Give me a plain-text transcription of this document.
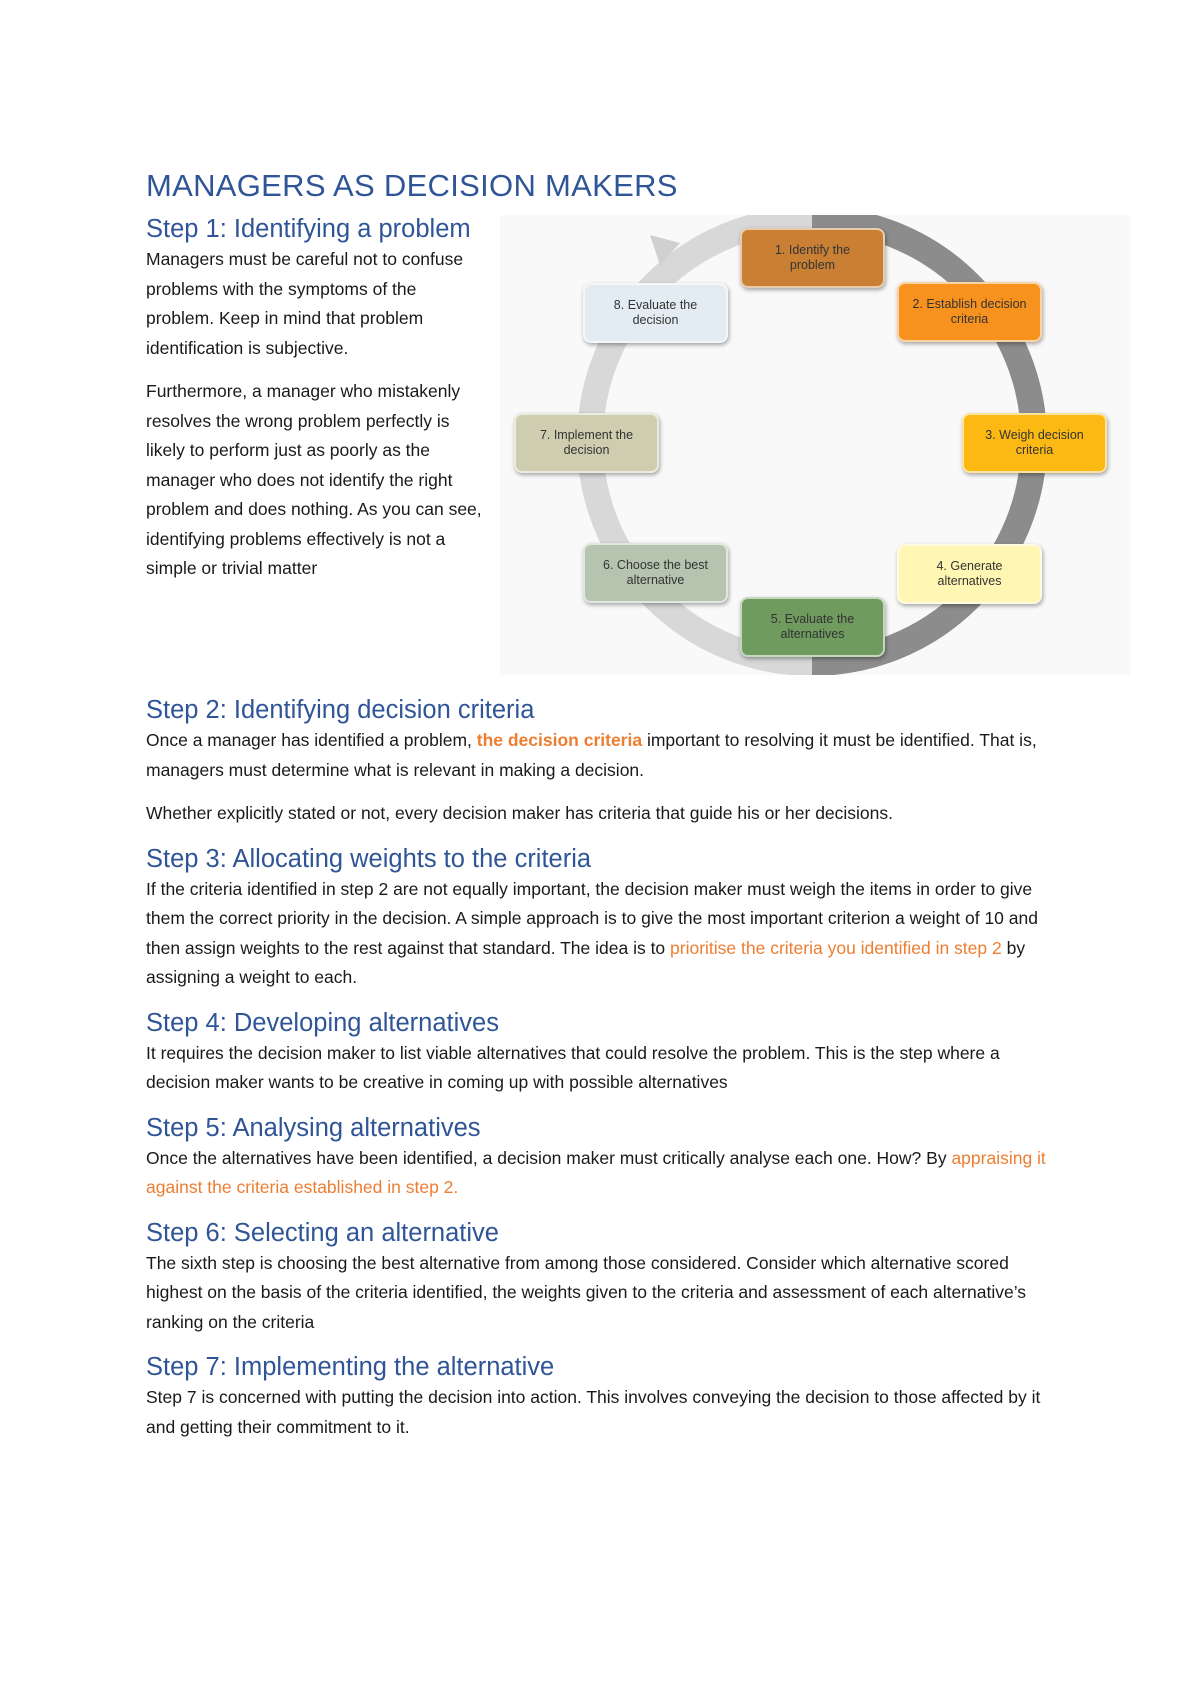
MANAGERS AS DECISION MAKERS

Step 1: Identifying a problem

Managers must be careful not to confuse problems with the symptoms of the problem. Keep in mind that problem identification is subjective.

Furthermore, a manager who mistakenly resolves the wrong problem perfectly is likely to perform just as poorly as the manager who does not identify the right problem and does nothing. As you can see, identifying problems effectively is not a simple or trivial matter

1. Identify the problem
2. Establish decision criteria
3. Weigh decision criteria
4. Generate alternatives
5. Evaluate the alternatives
6. Choose the best alternative
7. Implement the decision
8. Evaluate the decision

Step 2: Identifying decision criteria

Once a manager has identified a problem, the decision criteria important to resolving it must be identified. That is, managers must determine what is relevant in making a decision.

Whether explicitly stated or not, every decision maker has criteria that guide his or her decisions.

Step 3: Allocating weights to the criteria

If the criteria identified in step 2 are not equally important, the decision maker must weigh the items in order to give them the correct priority in the decision. A simple approach is to give the most important criterion a weight of 10 and then assign weights to the rest against that standard. The idea is to prioritise the criteria you identified in step 2 by assigning a weight to each.

Step 4: Developing alternatives

It requires the decision maker to list viable alternatives that could resolve the problem. This is the step where a decision maker wants to be creative in coming up with possible alternatives

Step 5: Analysing alternatives

Once the alternatives have been identified, a decision maker must critically analyse each one. How? By appraising it against the criteria established in step 2.

Step 6: Selecting an alternative

The sixth step is choosing the best alternative from among those considered. Consider which alternative scored highest on the basis of the criteria identified, the weights given to the criteria and assessment of each alternative’s ranking on the criteria

Step 7: Implementing the alternative

Step 7 is concerned with putting the decision into action. This involves conveying the decision to those affected by it and getting their commitment to it.
